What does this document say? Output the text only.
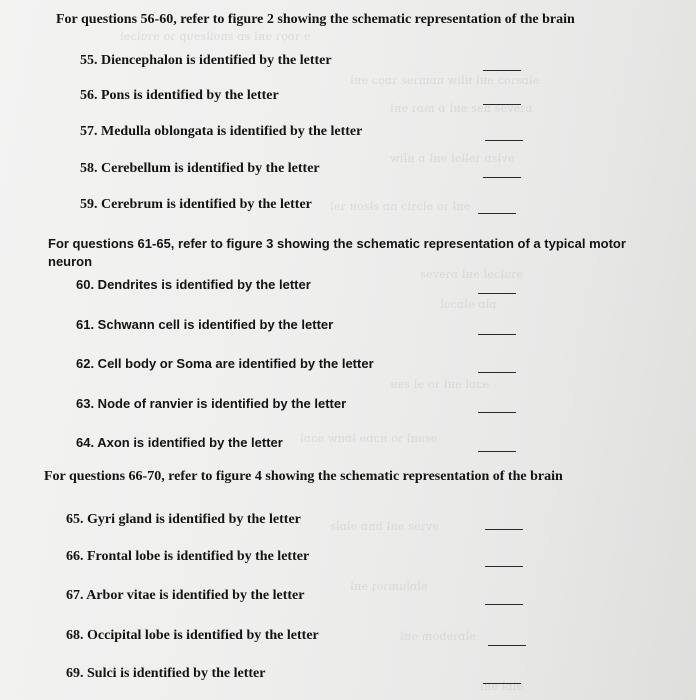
ɘ ɿɒǫɿ ɘʜƚ ƨɒ ƨnoiƚƨɘup ɿo ɘɿuƚɔɘl
ɘƚɒƨɿoɔ ɘʜƚ ʜƚiw nɒmɿɘƨ ɿɒǫɔ ɘʜƚ
ɒɿɘvɘƨ nɘƨ ɘʜƚ ɒ mɒɿ ɘʜƚ
ɘvƚƨɒ ɿɘƚƚɘl ɘʜƚ ɒ ʜƚiw
ɘʜƚ ɿo ɘlɔɿiɔ nɒ ƨƚƨoʜ ɿɘl
ɘɿuƚɔɘl ɘʜƚ ɒɿɘvɘƨ
ɒƚɒ ɘƚɒɔol
ɘɔɒl ɘʜƚ ɿo ɘl ƨɘʜ
ɘƨɘʜƚ ɿo ʜɔɒɘ ƚɒʜw ɘɔɒl
ɘvɿɘƨ ɘʜƚ bnɒ ɘƚɒƚƨ
ɘƚɒlumɿoʇ ɘʜƚ
ɘƚɒɿɘbom ɘʜƚ
ɘlɒƚ ɘʜƚ
For questions 56-60, refer to figure 2 showing the schematic representation of the brain
55. Diencephalon is identified by the letter
56. Pons is identified by the letter
57. Medulla oblongata is identified by the letter
58. Cerebellum is identified by the letter
59. Cerebrum is identified by the letter
For questions 61-65, refer to figure 3 showing the schematic representation of a typical motor
neuron
60. Dendrites is identified by the letter
61. Schwann cell is identified by the letter
62. Cell body or Soma are identified by the letter
63. Node of ranvier is identified by the letter
64. Axon is identified by the letter
For questions 66-70, refer to figure 4 showing the schematic representation of the brain
65. Gyri gland is identified by the letter
66. Frontal lobe is identified by the letter
67. Arbor vitae is identified by the letter
68. Occipital lobe is identified by the letter
69. Sulci is identified by the letter
